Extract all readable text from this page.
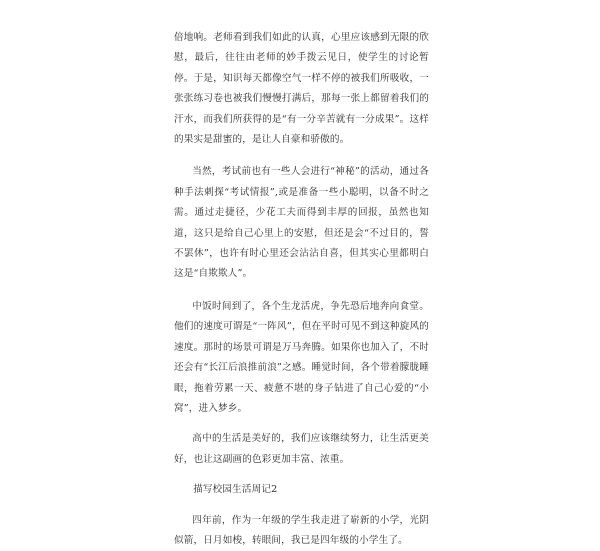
倍地响。老师看到我们如此的认真，心里应该感到无限的欣慰，最后，往往由老师的妙手拨云见日，使学生的讨论暂停。于是，知识每天都像空气一样不停的被我们所吸收，一张张练习卷也被我们慢慢打满后，那每一张上都留着我们的汗水，而我们所获得的是“有一分辛苦就有一分成果”。这样的果实是甜蜜的，是让人自豪和骄傲的。

当然，考试前也有一些人会进行“神秘”的活动，通过各种手法刺探“考试情报”,或是准备一些小聪明，以备不时之需。通过走捷径，少花工夫而得到丰厚的回报，虽然也知道，这只是给自己心里上的安慰，但还是会“不过目的，誓不罢休”，也许有时心里还会沾沾自喜，但其实心里都明白这是“自欺欺人”。

中饭时间到了，各个生龙活虎，争先恐后地奔向食堂。他们的速度可谓是“一阵风”，但在平时可见不到这种旋风的速度。那时的场景可谓是万马奔腾。如果你也加入了，不时还会有“长江后浪推前浪”之感。睡觉时间，各个带着朦胧睡眼，拖着劳累一天、疲惫不堪的身子钻进了自己心爱的“小窝”，进入梦乡。

高中的生活是美好的，我们应该继续努力，让生活更美好，也让这副画的色彩更加丰富、浓重。

描写校园生活周记2

四年前，作为一年级的学生我走进了崭新的小学，光阴似箭，日月如梭，转眼间，我已是四年级的小学生了。
